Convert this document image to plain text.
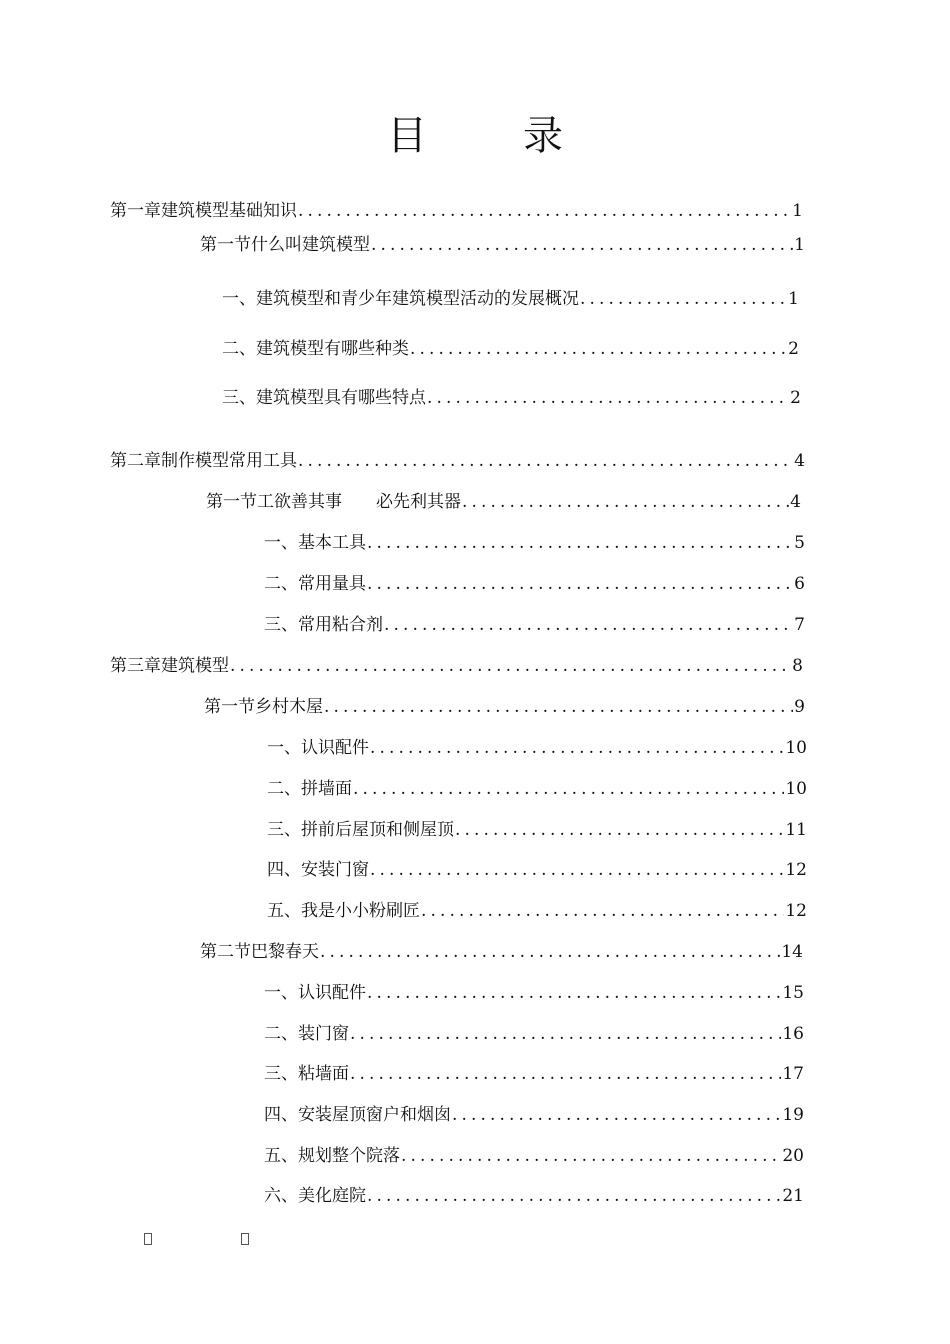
目 录
第一章 建筑模型基础知识 .....	1
第一节 什么叫建筑模型 .....	1
一、 建筑模型和青少年建筑模型活动的发展概况 .....	1
二、 建筑模型有哪些种类 .....	2
三、 建筑模型具有哪些特点 .....	2
第二章 制作模型常用工具 .....	4
第一节 工欲善其事　　必先利其器 .....	4
一、 基本工具 .....	5
二、 常用量具 .....	6
三、 常用粘合剂 .....	7
第三章 建筑模型 .....	8
第一节 乡村木屋 .....	9
一、 认识配件 .....	10
二、 拼墙面 .....	10
三、 拼前后屋顶和侧屋顶 .....	11
四、 安装门窗 .....	12
五、 我是小小粉刷匠 .....	12
第二节 巴黎春天 .....	14
一、 认识配件 .....	15
二、 装门窗 .....	16
三、 粘墙面 .....	17
四、 安装屋顶窗户和烟囱 .....	19
五、 规划整个院落 .....	20
六、 美化庭院 .....	21
